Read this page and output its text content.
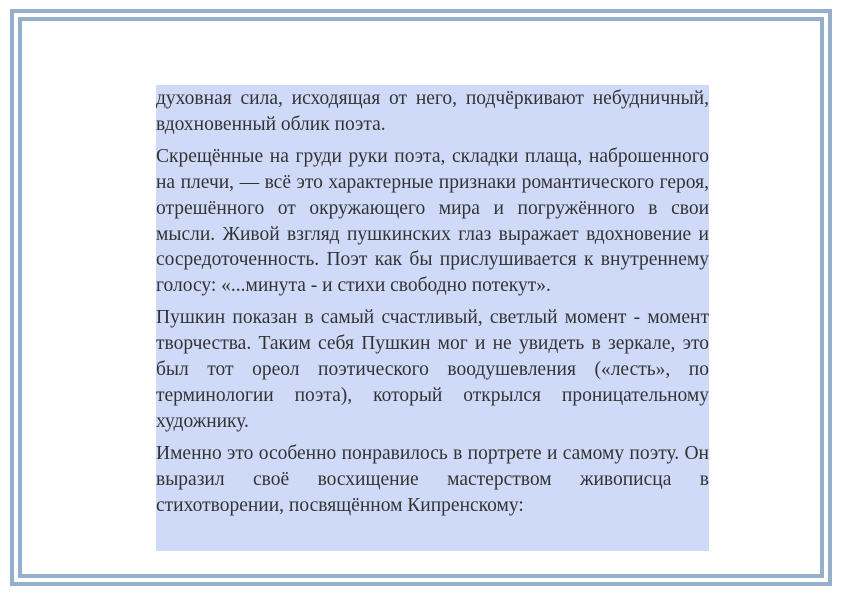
духовная сила, исходящая от него, подчёркивают небудничный, вдохновенный облик поэта.

Скрещённые на груди руки поэта, складки плаща, наброшенного на плечи, — всё это характерные признаки романтического героя, отрешённого от окружающего мира и погружённого в свои мысли. Живой взгляд пушкинских глаз выражает вдохновение и сосредоточенность. Поэт как бы прислушивается к внутреннему голосу: «...минута - и стихи свободно потекут».

Пушкин показан в самый счастливый, светлый момент - момент творчества. Таким себя Пушкин мог и не увидеть в зеркале, это был тот ореол поэтического воодушевления («лесть», по терминологии поэта), который открылся проницательному художнику.

Именно это особенно понравилось в портрете и самому поэту. Он выразил своё восхищение мастерством живописца в стихотворении, посвящённом Кипренскому:
